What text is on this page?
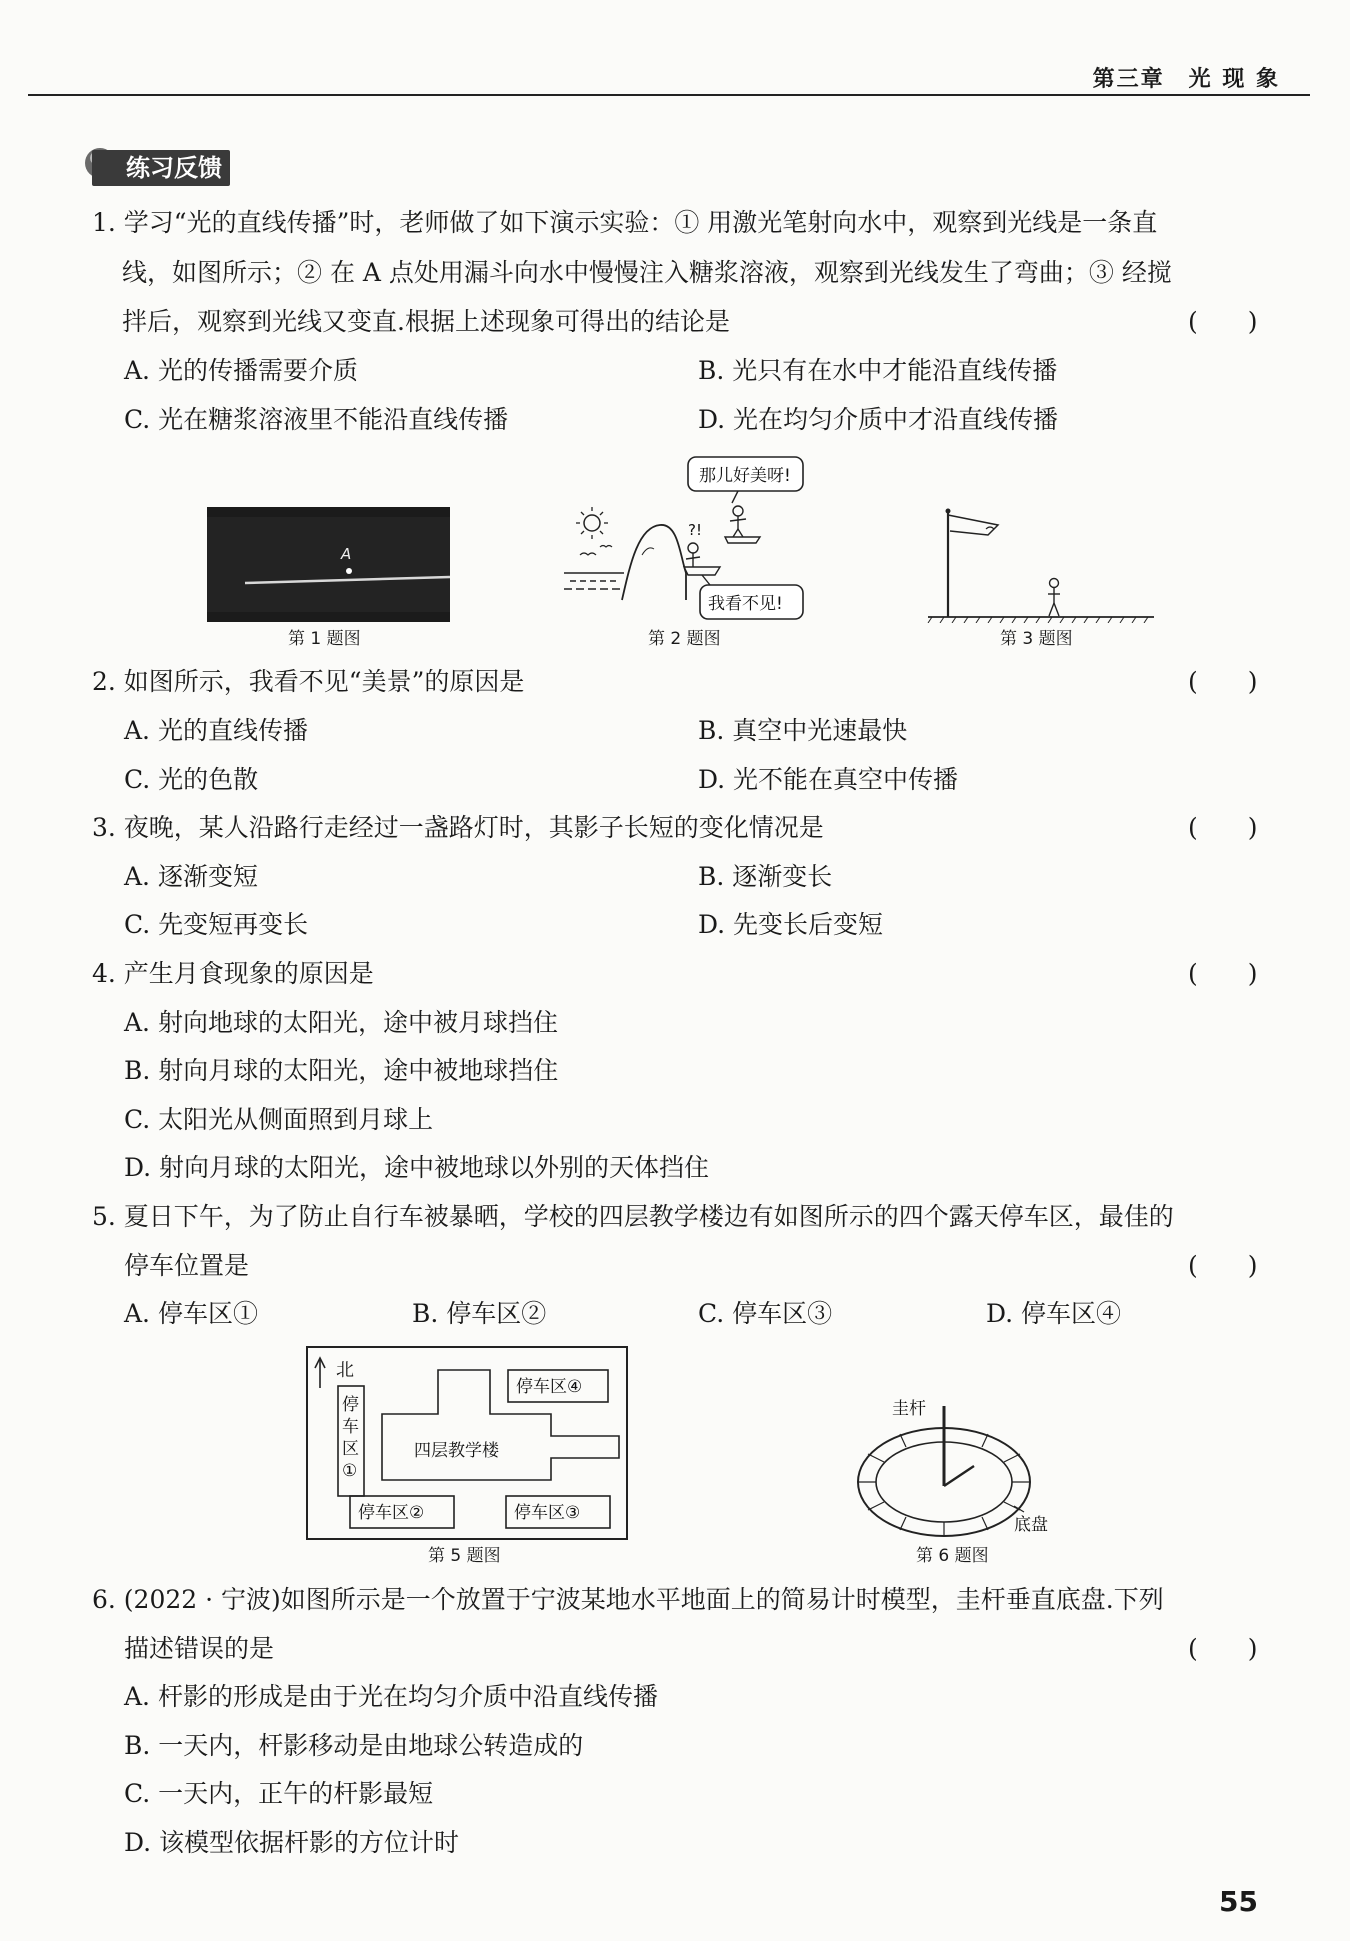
第三章　光 现 象
练习反馈
1. 学习“光的直线传播”时，老师做了如下演示实验：① 用激光笔射向水中，观察到光线是一条直
线，如图所示；② 在 A 点处用漏斗向水中慢慢注入糖浆溶液，观察到光线发生了弯曲；③ 经搅
拌后，观察到光线又变直.根据上述现象可得出的结论是	(　　)
A. 光的传播需要介质	B. 光只有在水中才能沿直线传播
C. 光在糖浆溶液里不能沿直线传播	D. 光在均匀介质中才沿直线传播
A
第 1 题图
那儿好美呀!
?!
我看不见!
第 2 题图	第 3 题图
2. 如图所示，我看不见“美景”的原因是	(　　)
A. 光的直线传播	B. 真空中光速最快
C. 光的色散	D. 光不能在真空中传播
3. 夜晚，某人沿路行走经过一盏路灯时，其影子长短的变化情况是	(　　)
A. 逐渐变短	B. 逐渐变长
C. 先变短再变长	D. 先变长后变短
4. 产生月食现象的原因是	(　　)
A. 射向地球的太阳光，途中被月球挡住
B. 射向月球的太阳光，途中被地球挡住
C. 太阳光从侧面照到月球上
D. 射向月球的太阳光，途中被地球以外别的天体挡住
5. 夏日下午，为了防止自行车被暴晒，学校的四层教学楼边有如图所示的四个露天停车区，最佳的
停车位置是	(　　)
A. 停车区①	B. 停车区②	C. 停车区③	D. 停车区④
北
停
车
区
①
四层教学楼
停车区④
停车区②	停车区③
第 5 题图
圭杆
底盘
第 6 题图
6. (2022 · 宁波)如图所示是一个放置于宁波某地水平地面上的简易计时模型，圭杆垂直底盘.下列
描述错误的是	(　　)
A. 杆影的形成是由于光在均匀介质中沿直线传播
B. 一天内，杆影移动是由地球公转造成的
C. 一天内，正午的杆影最短
D. 该模型依据杆影的方位计时
55
